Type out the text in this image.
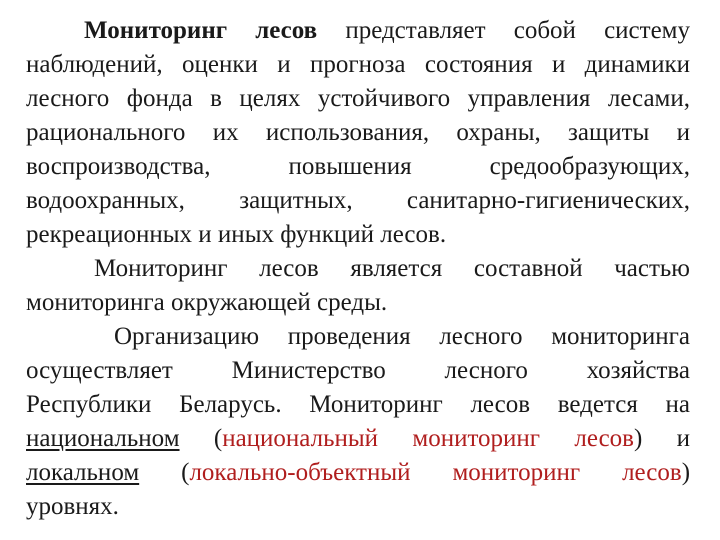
Мониторинг лесов представляет собой систему
наблюдений, оценки и прогноза состояния и динамики
лесного фонда в целях устойчивого управления лесами,
рационального их использования, охраны, защиты и
воспроизводства, повышения средообразующих,
водоохранных, защитных, санитарно-гигиенических,
рекреационных и иных функций лесов.
Мониторинг лесов является составной частью
мониторинга окружающей среды.
Организацию проведения лесного мониторинга
осуществляет Министерство лесного хозяйства
Республики Беларусь. Мониторинг лесов ведется на
национальном (национальный мониторинг лесов) и
локальном (локально-объектный мониторинг лесов)
уровнях.
